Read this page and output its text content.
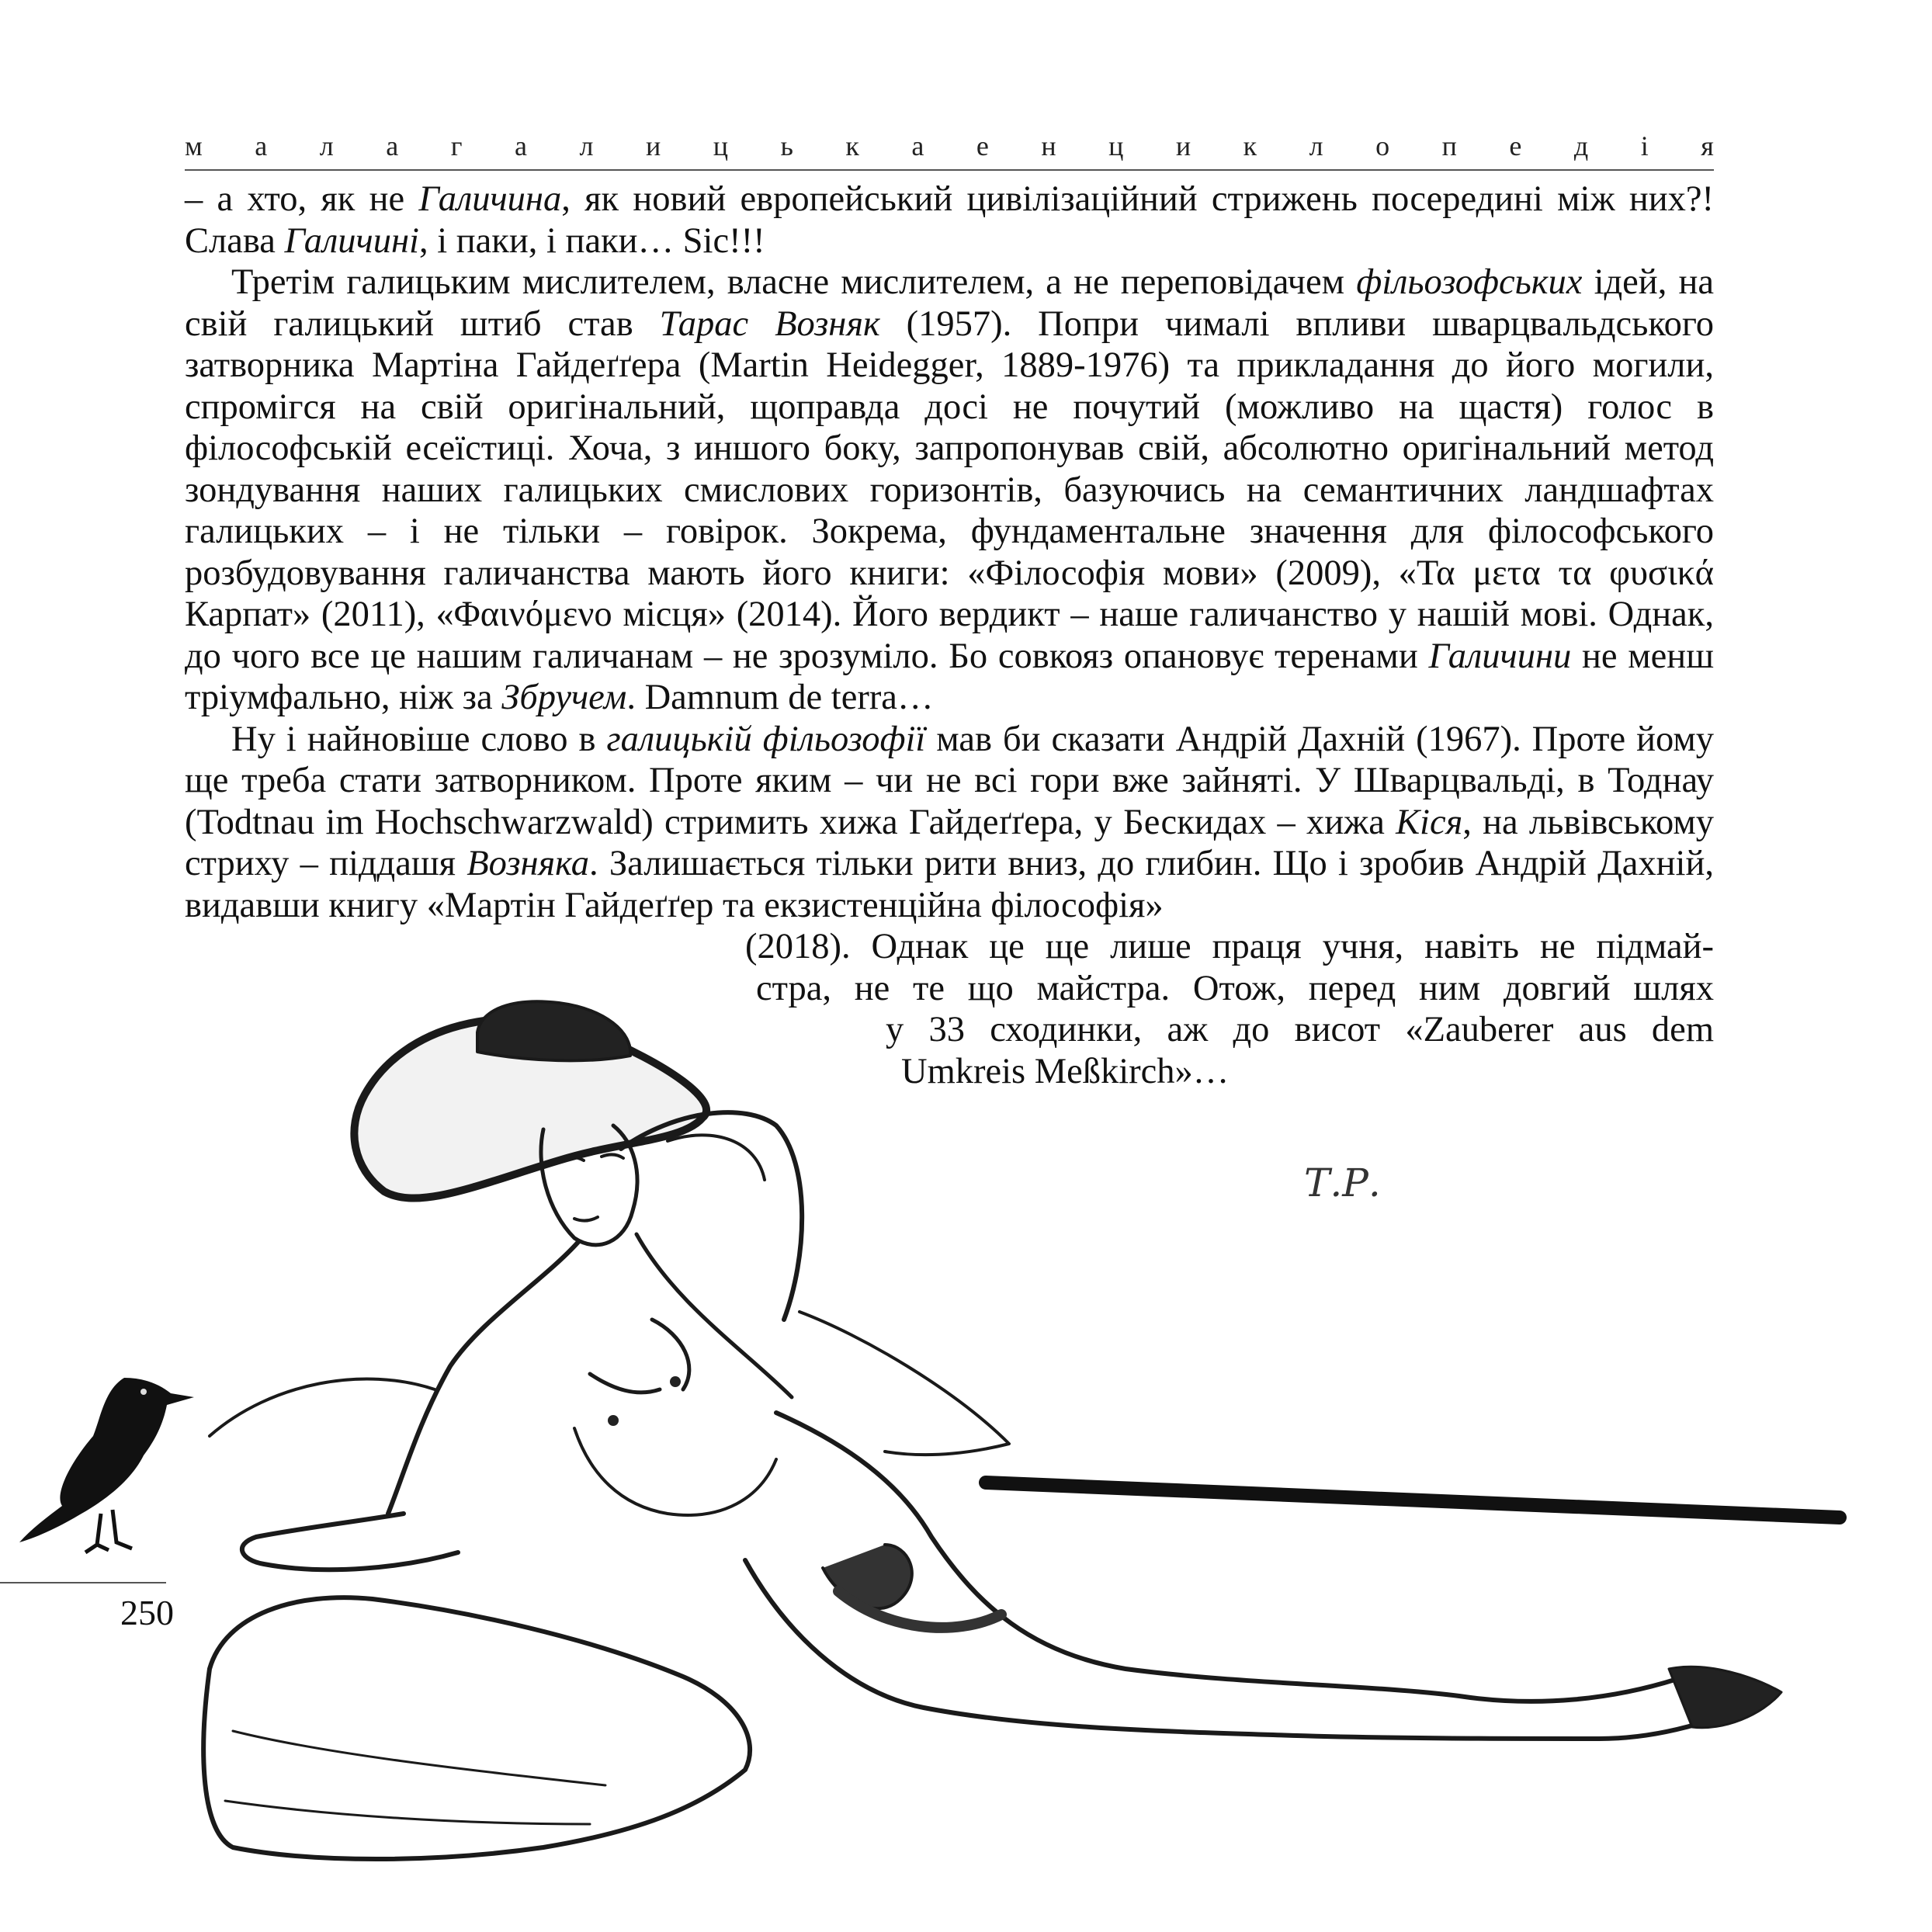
м а л а г а л и ц ь к а е н ц и к л о п е д і я

– а хто, як не Галичина, як новий европейський цивілізаційний стрижень посередині між них?! Слава Галичині, і паки, і паки… Sic!!!

Третім галицьким мислителем, власне мислителем, а не переповідачем фільозофських ідей, на свій галицький штиб став Тарас Возняк (1957). Попри чималі впливи шварцвальдського затворника Мартіна Гайдеґґера (Martin Heidegger, 1889-1976) та прикладання до його могили, спромігся на свій оригінальний, щоправда досі не почутий (можливо на щастя) голос в філософській есеїстиці. Хоча, з иншого боку, запропонував свій, абсолютно оригінальний метод зондування наших галицьких смислових горизонтів, базуючись на семантичних ландшафтах галицьких – і не тільки – говірок. Зокрема, фундаментальне значення для філософського розбудовування галичанства мають його книги: «Філософія мови» (2009), «Τα μετα τα φυσικά Карпат» (2011), «Φαινόμενο місця» (2014). Його вердикт – наше галичанство у нашій мові. Однак, до чого все це нашим галичанам – не зрозуміло. Бо совкояз опановує теренами Галичини не менш тріумфально, ніж за Збручем. Damnum de terra…

Ну і найновіше слово в галицькій фільозофії мав би сказати Андрій Дахній (1967). Проте йому ще треба стати затворником. Проте яким – чи не всі гори вже зайняті. У Шварцвальді, в Тоднау (Todtnau im Hochschwarzwald) стримить хижа Гайдеґґера, у Бескидах – хижа Кіся, на львівському стриху – піддашя Возняка. Залишається тільки рити вниз, до глибин. Що і зробив Андрій Дахній, видавши книгу «Мартін Гайдеґґер та екзистенційна філософія»

(2018). Однак це ще лише праця учня, навіть не підмай-
стра, не те що майстра. Отож, перед ним довгий шлях
у 33 сходинки, аж до висот «Zauberer aus dem
Umkreis Meßkirch»…
Т.Р.
250
